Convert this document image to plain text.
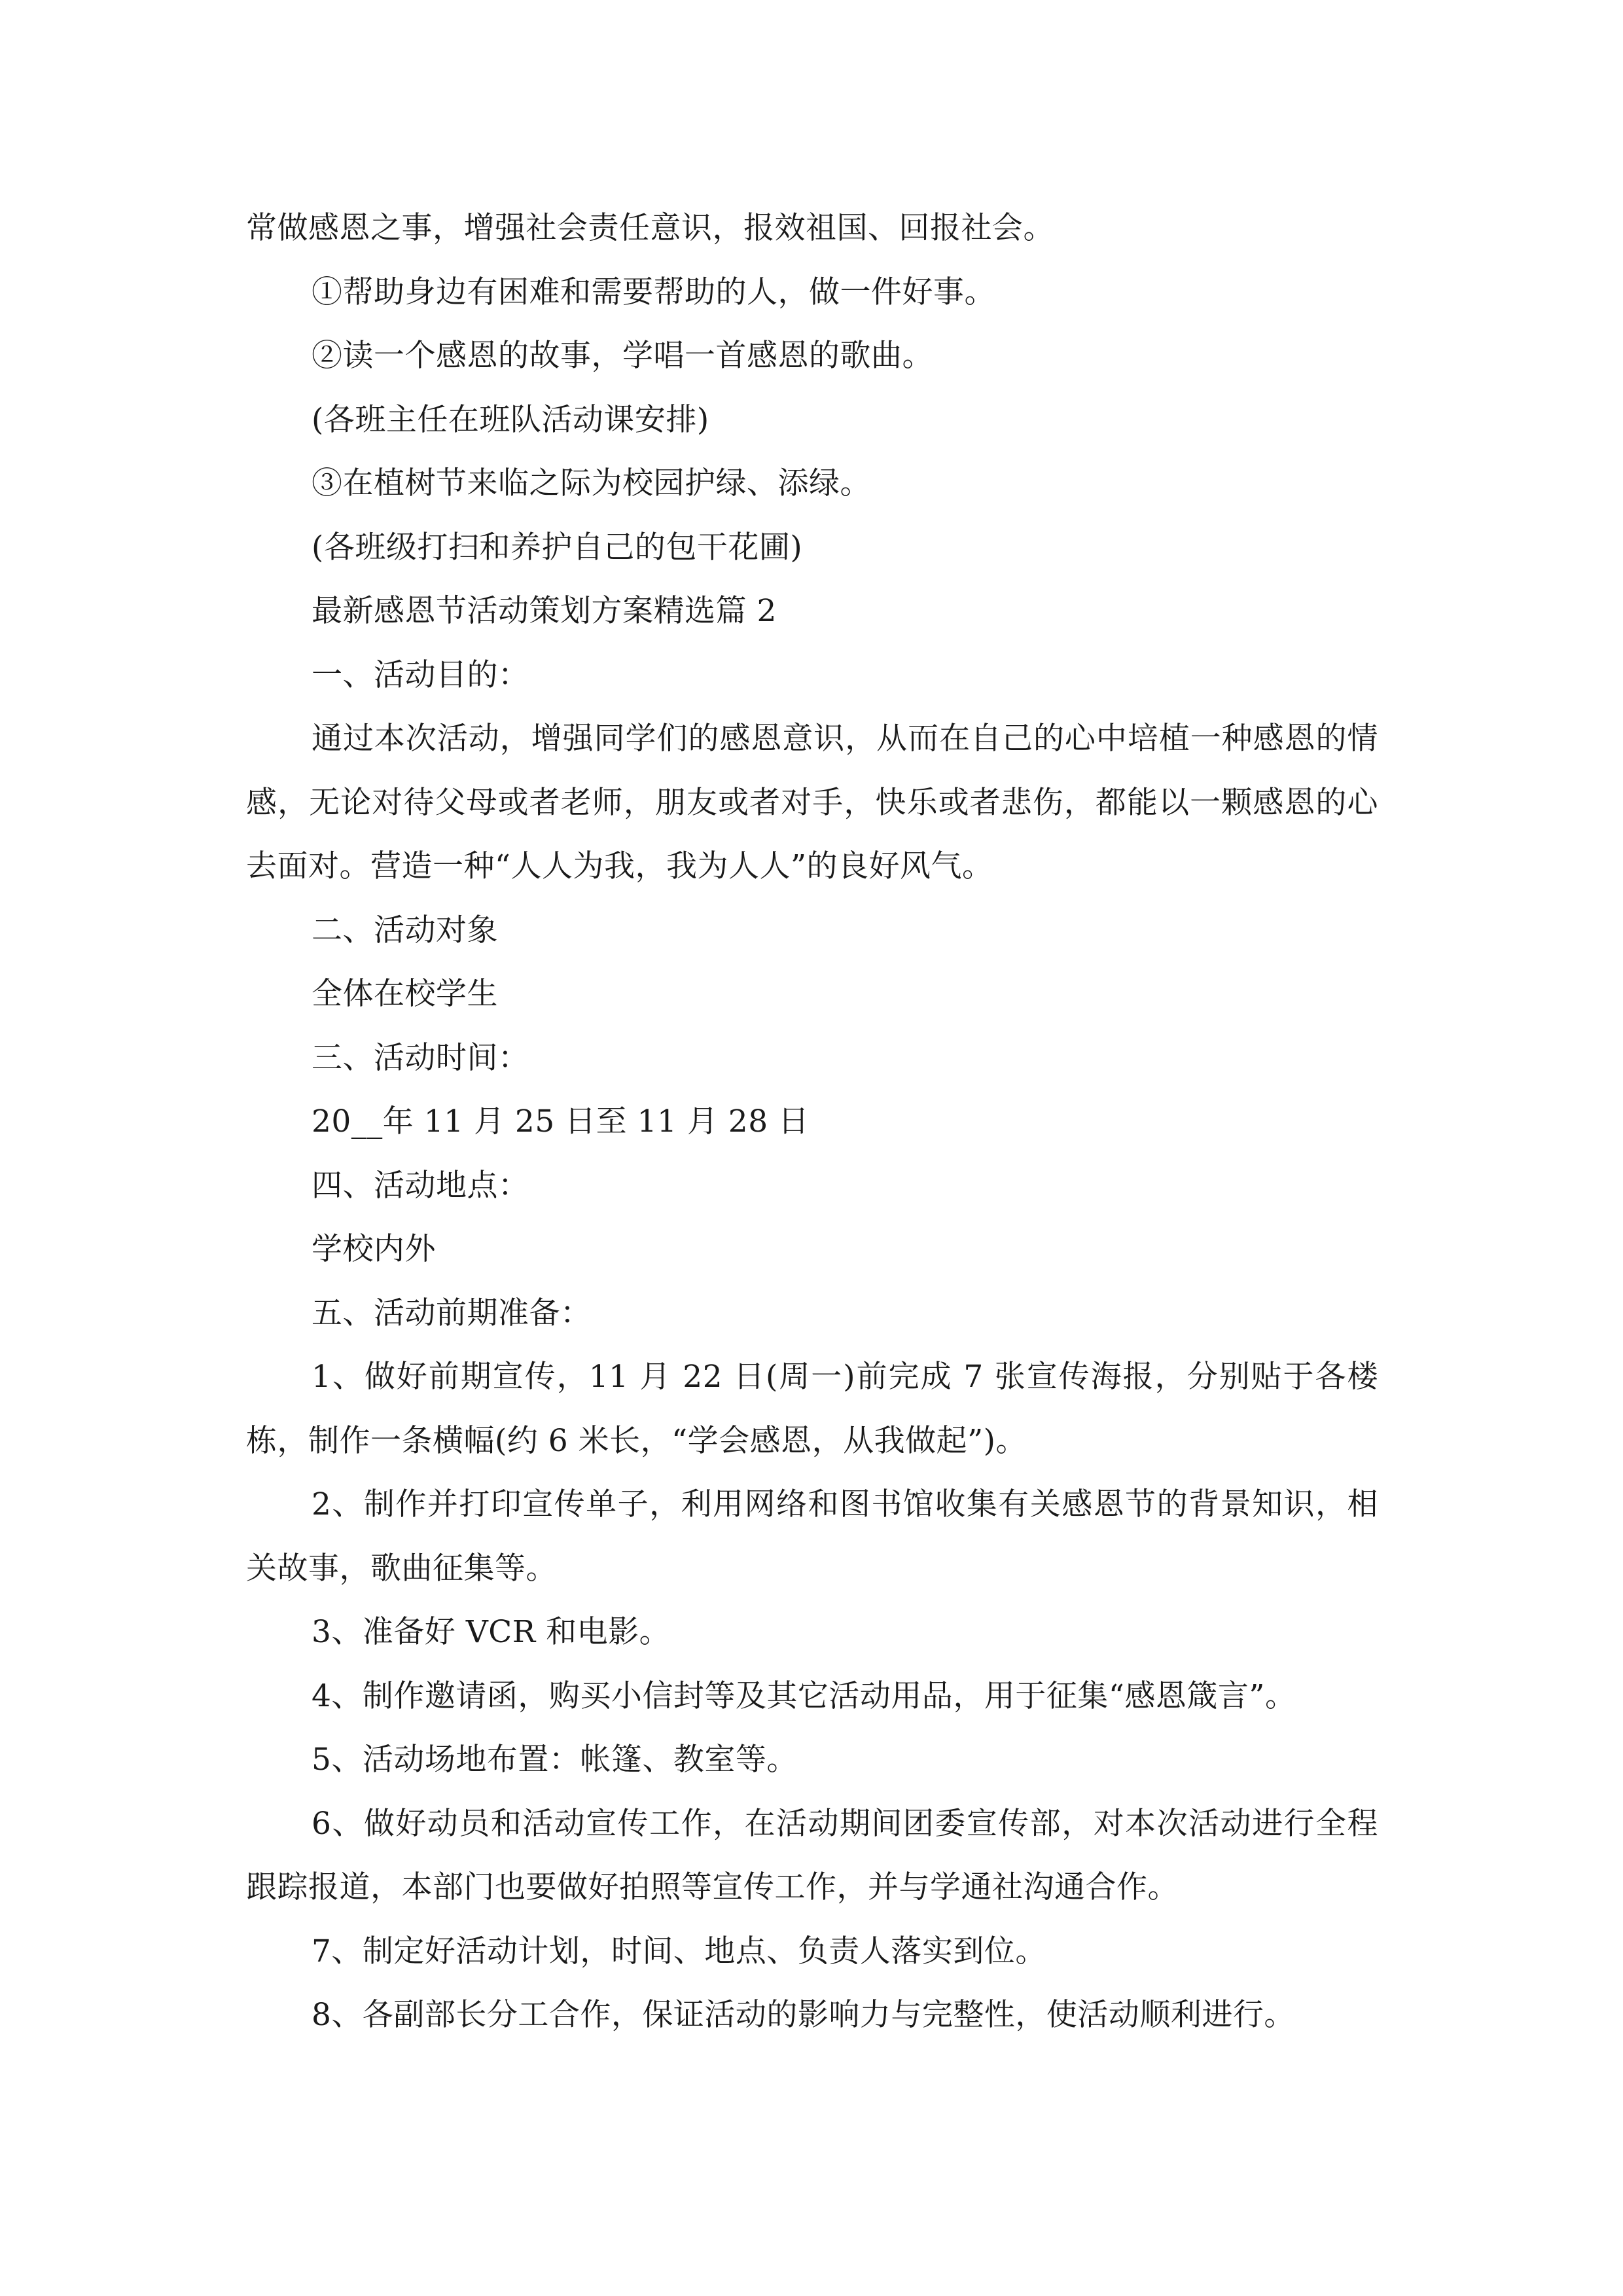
常做感恩之事，增强社会责任意识，报效祖国、回报社会。

①帮助身边有困难和需要帮助的人，做一件好事。

②读一个感恩的故事，学唱一首感恩的歌曲。

(各班主任在班队活动课安排)

③在植树节来临之际为校园护绿、添绿。

(各班级打扫和养护自己的包干花圃)

最新感恩节活动策划方案精选篇 2

一、活动目的：

通过本次活动，增强同学们的感恩意识，从而在自己的心中培植一种感恩的情感，无论对待父母或者老师，朋友或者对手，快乐或者悲伤，都能以一颗感恩的心去面对。营造一种“人人为我，我为人人”的良好风气。

二、活动对象

全体在校学生

三、活动时间：

20__年 11 月 25 日至 11 月 28 日

四、活动地点：

学校内外

五、活动前期准备：

1、做好前期宣传，11 月 22 日(周一)前完成 7 张宣传海报，分别贴于各楼栋，制作一条横幅(约 6 米长，“学会感恩，从我做起”)。

2、制作并打印宣传单子，利用网络和图书馆收集有关感恩节的背景知识，相关故事，歌曲征集等。

3、准备好 VCR 和电影。

4、制作邀请函，购买小信封等及其它活动用品，用于征集“感恩箴言”。

5、活动场地布置：帐篷、教室等。

6、做好动员和活动宣传工作，在活动期间团委宣传部，对本次活动进行全程跟踪报道，本部门也要做好拍照等宣传工作，并与学通社沟通合作。

7、制定好活动计划，时间、地点、负责人落实到位。

8、各副部长分工合作，保证活动的影响力与完整性，使活动顺利进行。
